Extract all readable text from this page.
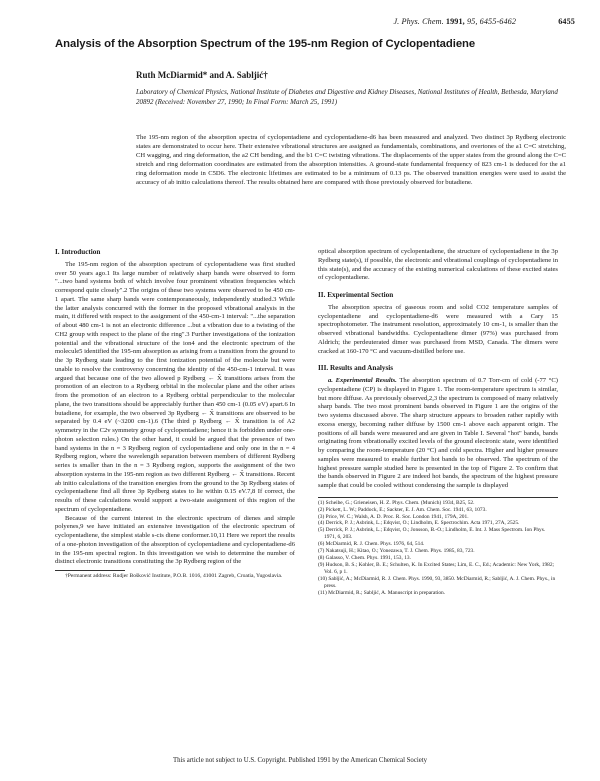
J. Phys. Chem. 1991, 95, 6455-6462	6455
Analysis of the Absorption Spectrum of the 195-nm Region of Cyclopentadiene
Ruth McDiarmid* and A. Sabljić†
Laboratory of Chemical Physics, National Institute of Diabetes and Digestive and Kidney Diseases, National Institutes of Health, Bethesda, Maryland 20892 (Received: November 27, 1990; In Final Form: March 25, 1991)
The 195-nm region of the absorption spectra of cyclopentadiene and cyclopentadiene-d6 has been measured and analyzed. Two distinct 3p Rydberg electronic states are demonstrated to occur here. Their extensive vibrational structures are assigned as fundamentals, combinations, and overtones of the a1 C=C stretching, CH wagging, and ring deformation, the a2 CH bending, and the b1 C=C twisting vibrations. The displacements of the upper states from the ground along the C=C stretch and ring deformation coordinates are estimated from the absorption intensities. A ground-state fundamental frequency of 823 cm-1 is deduced for the a1 ring deformation mode in C5D6. The electronic lifetimes are estimated to be a minimum of 0.13 ps. The observed transition energies were used to assist the accuracy of ab initio calculations thereof. The results obtained here are compared with those previously observed for butadiene.
I. Introduction

The 195-nm region of the absorption spectrum of cyclopentadiene was first studied over 50 years ago.1 Its large number of relatively sharp bands were observed to form "...two band systems both of which involve four prominent vibration frequencies which correspond quite closely".2 The origins of these two systems were observed to be 450 cm-1 apart. The same sharp bands were contemporaneously, independently studied.3 While the latter analysis concurred with the former in the proposed vibrational analysis in the main, it differed with respect to the assignment of the 450-cm-1 interval: "...the separation of about 480 cm-1 is not an electronic difference ...but a vibration due to a twisting of the CH2 group with respect to the plane of the ring".3 Further investigations of the ionization potential and the vibrational structure of the ion4 and the electronic spectrum of the molecule5 identified the 195-nm absorption as arising from a transition from the ground to the 3p Rydberg state leading to the first ionization potential of the molecule but were unable to resolve the controversy concerning the identity of the 450-cm-1 interval. It was argued that because one of the two allowed p Rydberg ← X̃ transitions arises from the promotion of an electron to a Rydberg orbital in the molecular plane and the other arises from the promotion of an electron to a Rydberg orbital perpendicular to the molecular plane, the two transitions should be appreciably further than 450 cm-1 (0.05 eV) apart.6 In butadiene, for example, the two observed 3p Rydberg ← X̃ transitions are observed to be separated by 0.4 eV (~3200 cm-1).6 (The third p Rydberg ← X̃ transition is of A2 symmetry in the C2v symmetry group of cyclopentadiene; hence it is forbidden under one-photon selection rules.) On the other hand, it could be argued that the presence of two band systems in the n = 3 Rydberg region of cyclopentadiene and only one in the n = 4 Rydberg region, where the wavelength separation between members of different Rydberg series is smaller than in the n = 3 Rydberg region, supports the assignment of the two absorption systems in the 195-nm region as two different Rydberg ← X̃ transitions. Recent ab initio calculations of the transition energies from the ground to the 3p Rydberg states of cyclopentadiene find all three 3p Rydberg states to lie within 0.15 eV.7,8 If correct, the results of these calculations would support a two-state assignment of this region of the spectrum of cyclopentadiene.

Because of the current interest in the electronic spectrum of dienes and simple polyenes,9 we have initiated an extensive investigation of the electronic spectrum of cyclopentadiene, the simplest stable s-cis diene conformer.10,11 Here we report the results of a one-photon investigation of the absorption of cyclopentadiene and cyclopentadiene-d6 in the 195-nm spectral region. In this investigation we wish to determine the number of distinct electronic transitions constituting the 3p Rydberg region of the

†Permanent address: Rudjer Bošković Institute, P.O.B. 1016, 41001 Zagreb, Croatia, Yugoslavia.

optical absorption spectrum of cyclopentadiene, the structure of cyclopentadiene in the 3p Rydberg state(s), if possible, the electronic and vibrational couplings of cyclopentadiene in this state(s), and the accuracy of the existing numerical calculations of these excited states of cyclopentadiene.

II. Experimental Section

The absorption spectra of gaseous room and solid CO2 temperature samples of cyclopentadiene and cyclopentadiene-d6 were measured with a Cary 15 spectrophotometer. The instrument resolution, approximately 10 cm-1, is smaller than the observed vibrational bandwidths. Cyclopentadiene dimer (97%) was purchased from Aldrich; the perdeuterated dimer was purchased from MSD, Canada. The dimers were cracked at 160-170 °C and vacuum-distilled before use.

III. Results and Analysis

a. Experimental Results. The absorption spectrum of 0.7 Torr-cm of cold (-77 °C) cyclopentadiene (CP) is displayed in Figure 1. The room-temperature spectrum is similar, but more diffuse. As previously observed,2,3 the spectrum is composed of many relatively sharp bands. The two most prominent bands observed in Figure 1 are the origins of the two systems discussed above. The sharp structure appears to broaden rather rapidly with excess energy, becoming rather diffuse by 1500 cm-1 above each apparent origin. The positions of all bands were measured and are given in Table I. Several "hot" bands, bands originating from vibrationally excited levels of the ground electronic state, were identified by comparing the room-temperature (20 °C) and cold spectra. Higher and higher pressure samples were measured to enable further hot bands to be observed. The spectrum of the highest pressure sample studied here is presented in the top of Figure 2. To confirm that the bands observed in Figure 2 are indeed hot bands, the spectrum of the highest pressure sample that could be cooled without condensing the sample is displayed

(1) Scheibe, G.; Grieneisen, H. Z. Phys. Chem. (Munich) 1934, B25, 52.
(2) Pickett, L. W.; Paddock, E.; Sackter, E. J. Am. Chem. Soc. 1941, 63, 1073.
(3) Price, W. C.; Walsh, A. D. Proc. R. Soc. London 1941, 179A, 201.
(4) Derrick, P. J.; Asbrink, L.; Edqvist, O.; Lindholm, E. Spectrochim. Acta 1971, 27A, 2525.
(5) Derrick, P. J.; Asbrink, L.; Edqvist, O.; Jonsson, B.-O.; Lindholm, E. Int. J. Mass Spectrom. Ion Phys. 1971, 6, 203.
(6) McDiarmid, R. J. Chem. Phys. 1976, 64, 514.
(7) Nakatsuji, H.; Kitao, O.; Yonezawa, T. J. Chem. Phys. 1985, 83, 723.
(8) Galasso, V. Chem. Phys. 1991, 153, 13.
(9) Hudson, B. S.; Kohler, B. E.; Schulten, K. In Excited States; Lim, E. C., Ed.; Academic: New York, 1982; Vol. 6, p 1.
(10) Sabljić, A.; McDiarmid, R. J. Chem. Phys. 1990, 93, 3850. McDiarmid, R.; Sabljić, A. J. Chem. Phys., in press.
(11) McDiarmid, R.; Sabljić, A. Manuscript in preparation.
This article not subject to U.S. Copyright. Published 1991 by the American Chemical Society
